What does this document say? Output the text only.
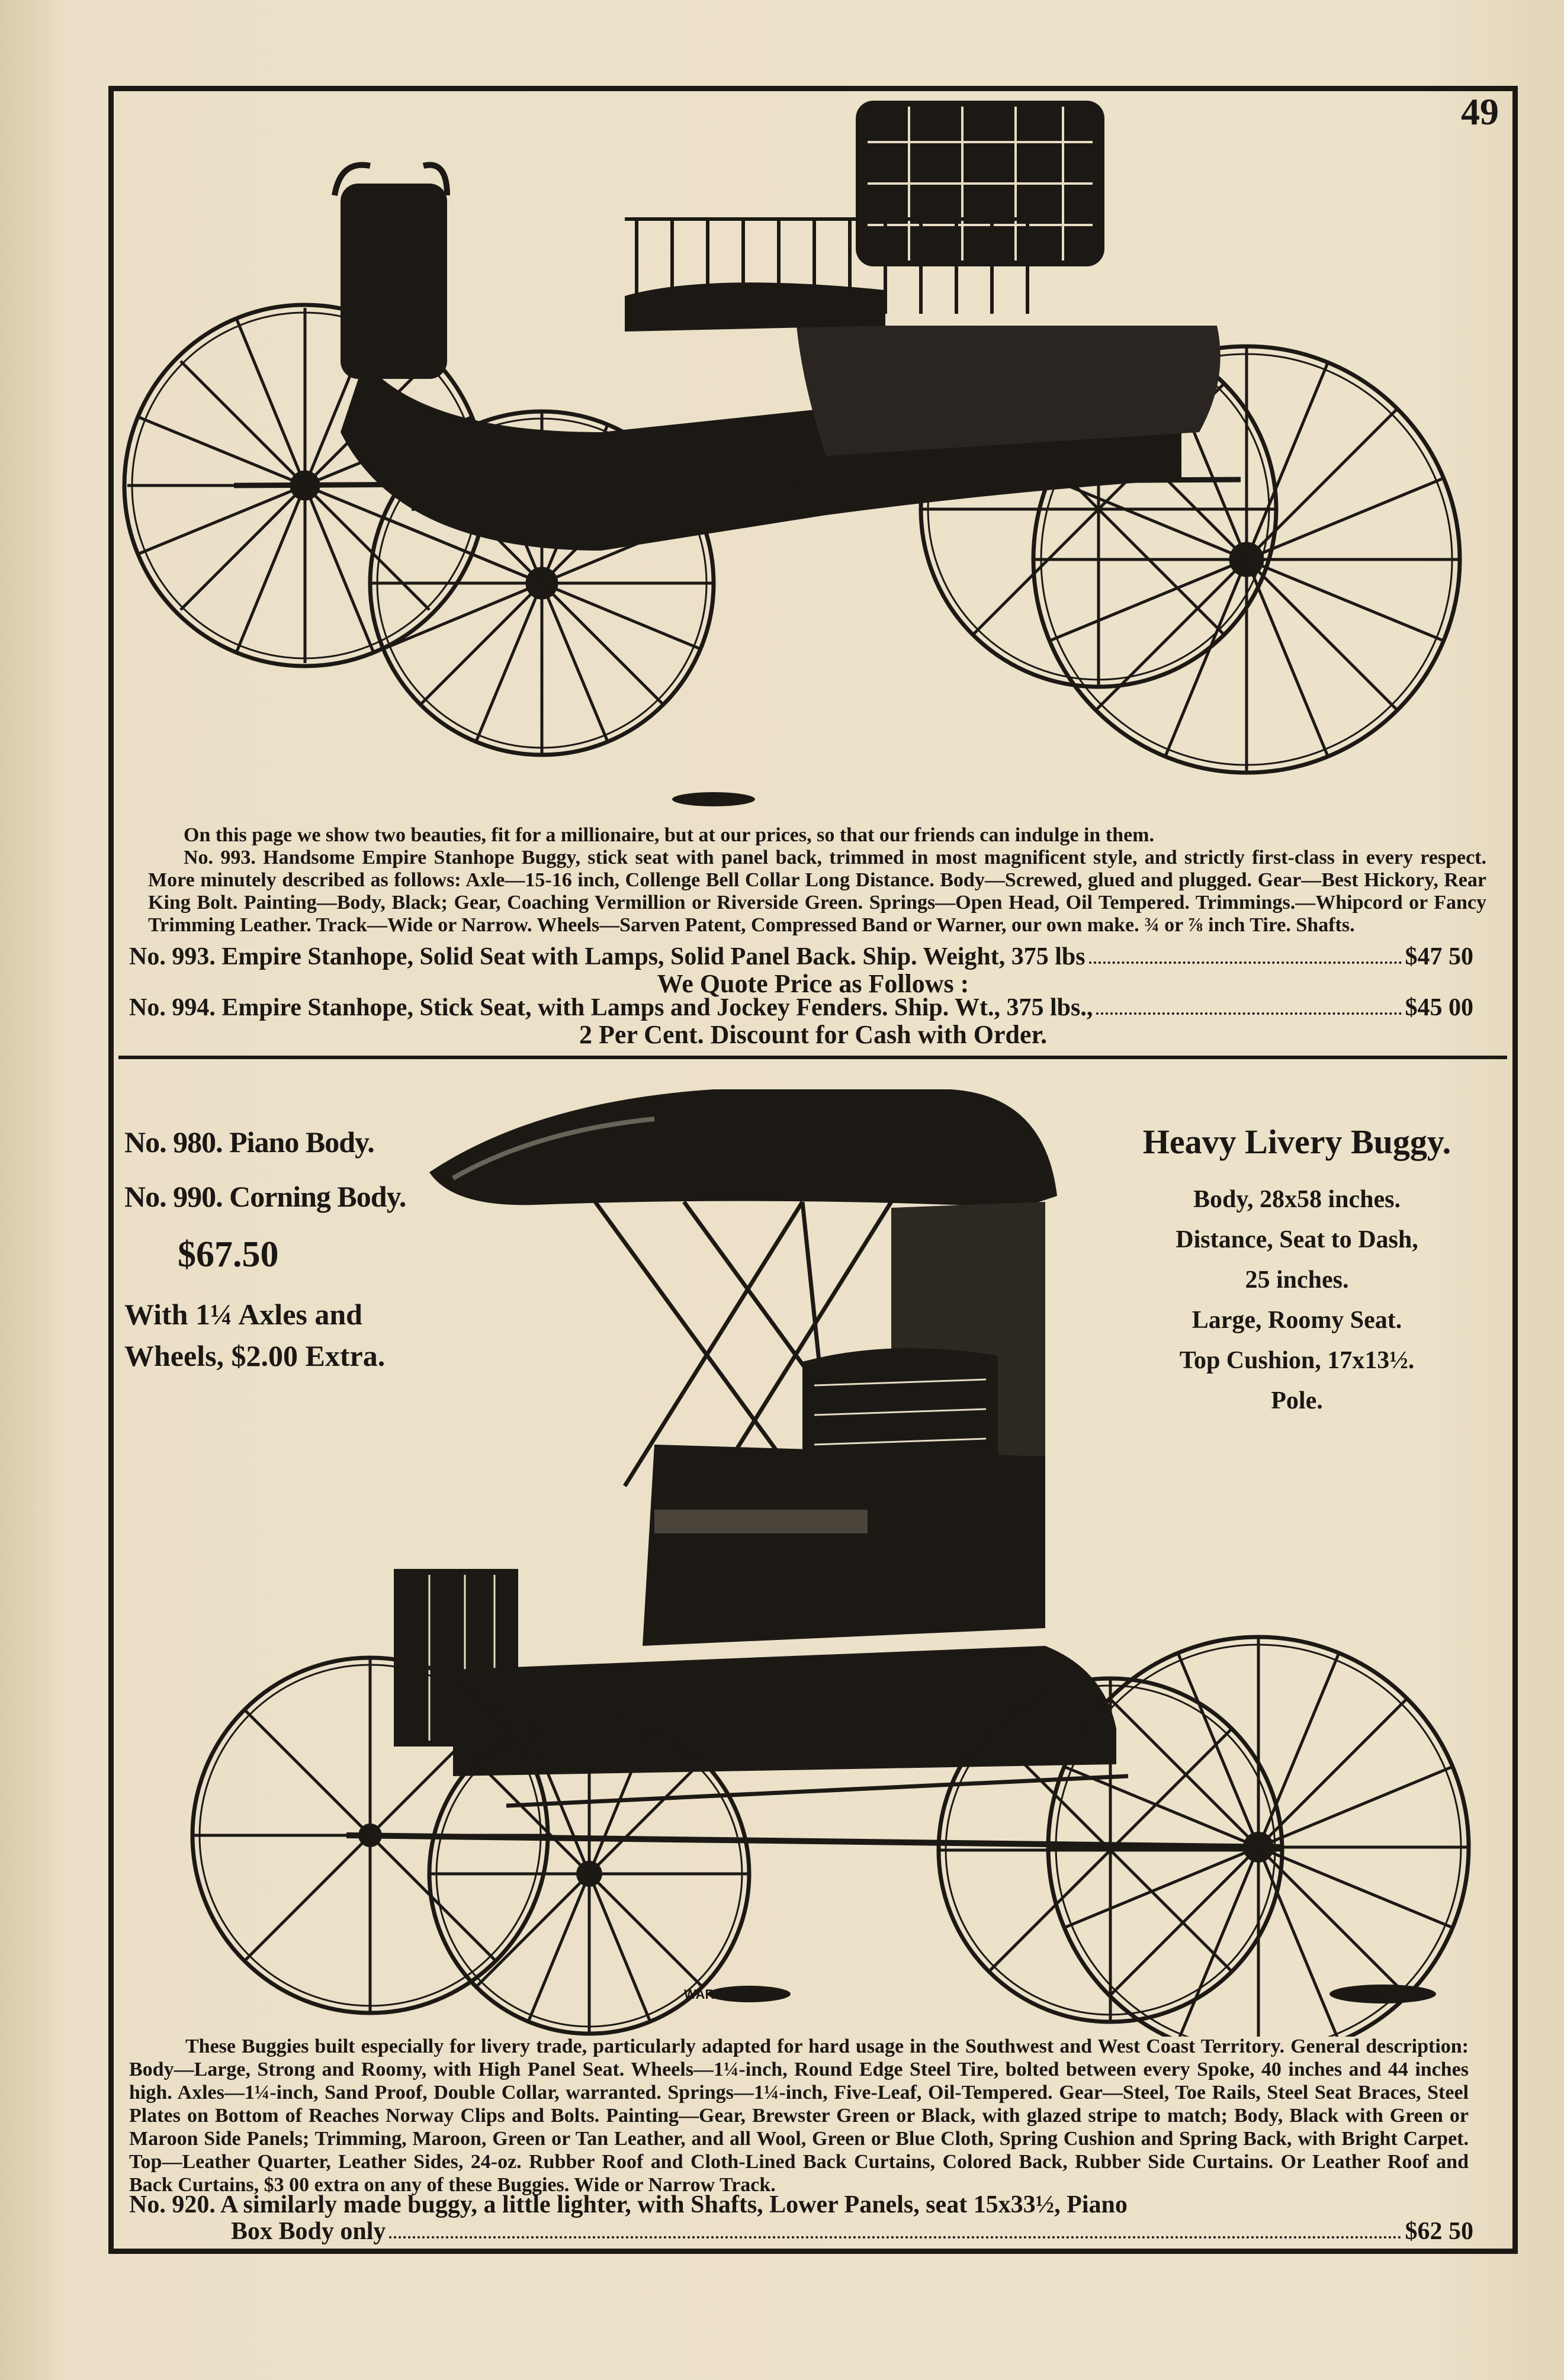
49

On this page we show two beauties, fit for a millionaire, but at our prices, so that our friends can indulge in them.

No. 993. Handsome Empire Stanhope Buggy, stick seat with panel back, trimmed in most magnificent style, and strictly first-class in every respect. More minutely described as follows: Axle—15-16 inch, Collenge Bell Collar Long Distance. Body—Screwed, glued and plugged. Gear—Best Hickory, Rear King Bolt. Painting—Body, Black; Gear, Coaching Vermillion or Riverside Green. Springs—Open Head, Oil Tempered. Trimmings.—Whipcord or Fancy Trimming Leather. Track—Wide or Narrow. Wheels—Sarven Patent, Compressed Band or Warner, our own make. ¾ or ⅞ inch Tire. Shafts.

No. 993. Empire Stanhope, Solid Seat with Lamps, Solid Panel Back. Ship. Weight, 375 lbs	$47 50
We Quote Price as Follows :
No. 994. Empire Stanhope, Stick Seat, with Lamps and Jockey Fenders. Ship. Wt., 375 lbs.,	$45 00
2 Per Cent. Discount for Cash with Order.
WARE BROS	PHILA
No. 980. Piano Body.
No. 990. Corning Body.
$67.50
With 1¼ Axles and
Wheels, $2.00 Extra.
Heavy Livery Buggy.
Body, 28x58 inches.
Distance, Seat to Dash,
25 inches.
Large, Roomy Seat.
Top Cushion, 17x13½.
Pole.
These Buggies built especially for livery trade, particularly adapted for hard usage in the Southwest and West Coast Territory. General description: Body—Large, Strong and Roomy, with High Panel Seat. Wheels—1¼-inch, Round Edge Steel Tire, bolted between every Spoke, 40 inches and 44 inches high. Axles—1¼-inch, Sand Proof, Double Collar, warranted. Springs—1¼-inch, Five-Leaf, Oil-Tempered. Gear—Steel, Toe Rails, Steel Seat Braces, Steel Plates on Bottom of Reaches Norway Clips and Bolts. Painting—Gear, Brewster Green or Black, with glazed stripe to match; Body, Black with Green or Maroon Side Panels; Trimming, Maroon, Green or Tan Leather, and all Wool, Green or Blue Cloth, Spring Cushion and Spring Back, with Bright Carpet. Top—Leather Quarter, Leather Sides, 24-oz. Rubber Roof and Cloth-Lined Back Curtains, Colored Back, Rubber Side Curtains. Or Leather Roof and Back Curtains, $3 00 extra on any of these Buggies. Wide or Narrow Track.
No. 920. A similarly made buggy, a little lighter, with Shafts, Lower Panels, seat 15x33½, Piano
Box Body only	$62 50
